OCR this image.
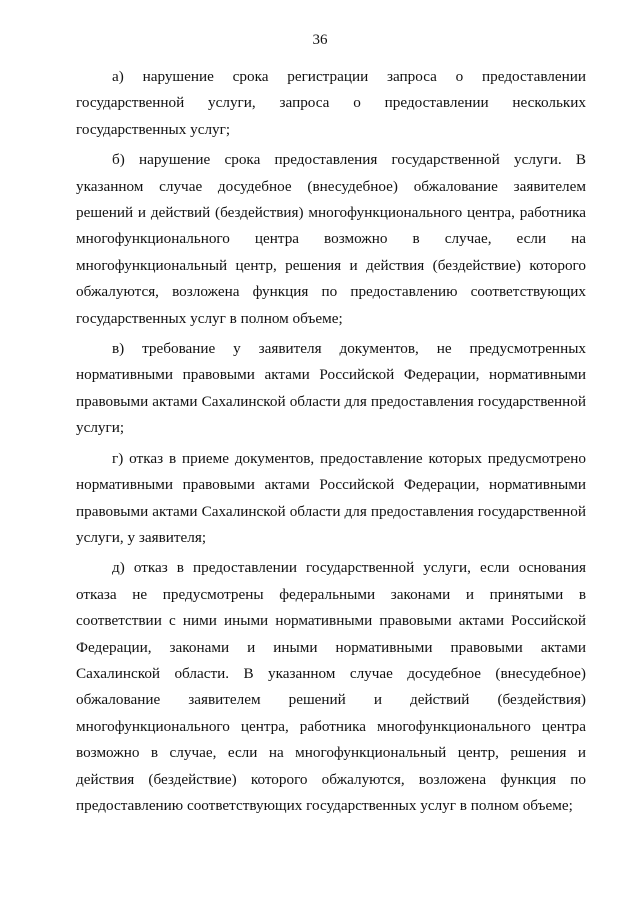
36

а) нарушение срока регистрации запроса о предоставлении государственной услуги, запроса о предоставлении нескольких государственных услуг;

б) нарушение срока предоставления государственной услуги. В указанном случае досудебное (внесудебное) обжалование заявителем решений и действий (бездействия) многофункционального центра, работника многофункционального центра возможно в случае, если на многофункциональный центр, решения и действия (бездействие) которого обжалуются, возложена функция по предоставлению соответствующих государственных услуг в полном объеме;

в) требование у заявителя документов, не предусмотренных нормативными правовыми актами Российской Федерации, нормативными правовыми актами Сахалинской области для предоставления государственной услуги;

г) отказ в приеме документов, предоставление которых предусмотрено нормативными правовыми актами Российской Федерации, нормативными правовыми актами Сахалинской области для предоставления государственной услуги, у заявителя;

д) отказ в предоставлении государственной услуги, если основания отказа не предусмотрены федеральными законами и принятыми в соответствии с ними иными нормативными правовыми актами Российской Федерации, законами и иными нормативными правовыми актами Сахалинской области. В указанном случае досудебное (внесудебное) обжалование заявителем решений и действий (бездействия) многофункционального центра, работника многофункционального центра возможно в случае, если на многофункциональный центр, решения и действия (бездействие) которого обжалуются, возложена функция по предоставлению соответствующих государственных услуг в полном объеме;
